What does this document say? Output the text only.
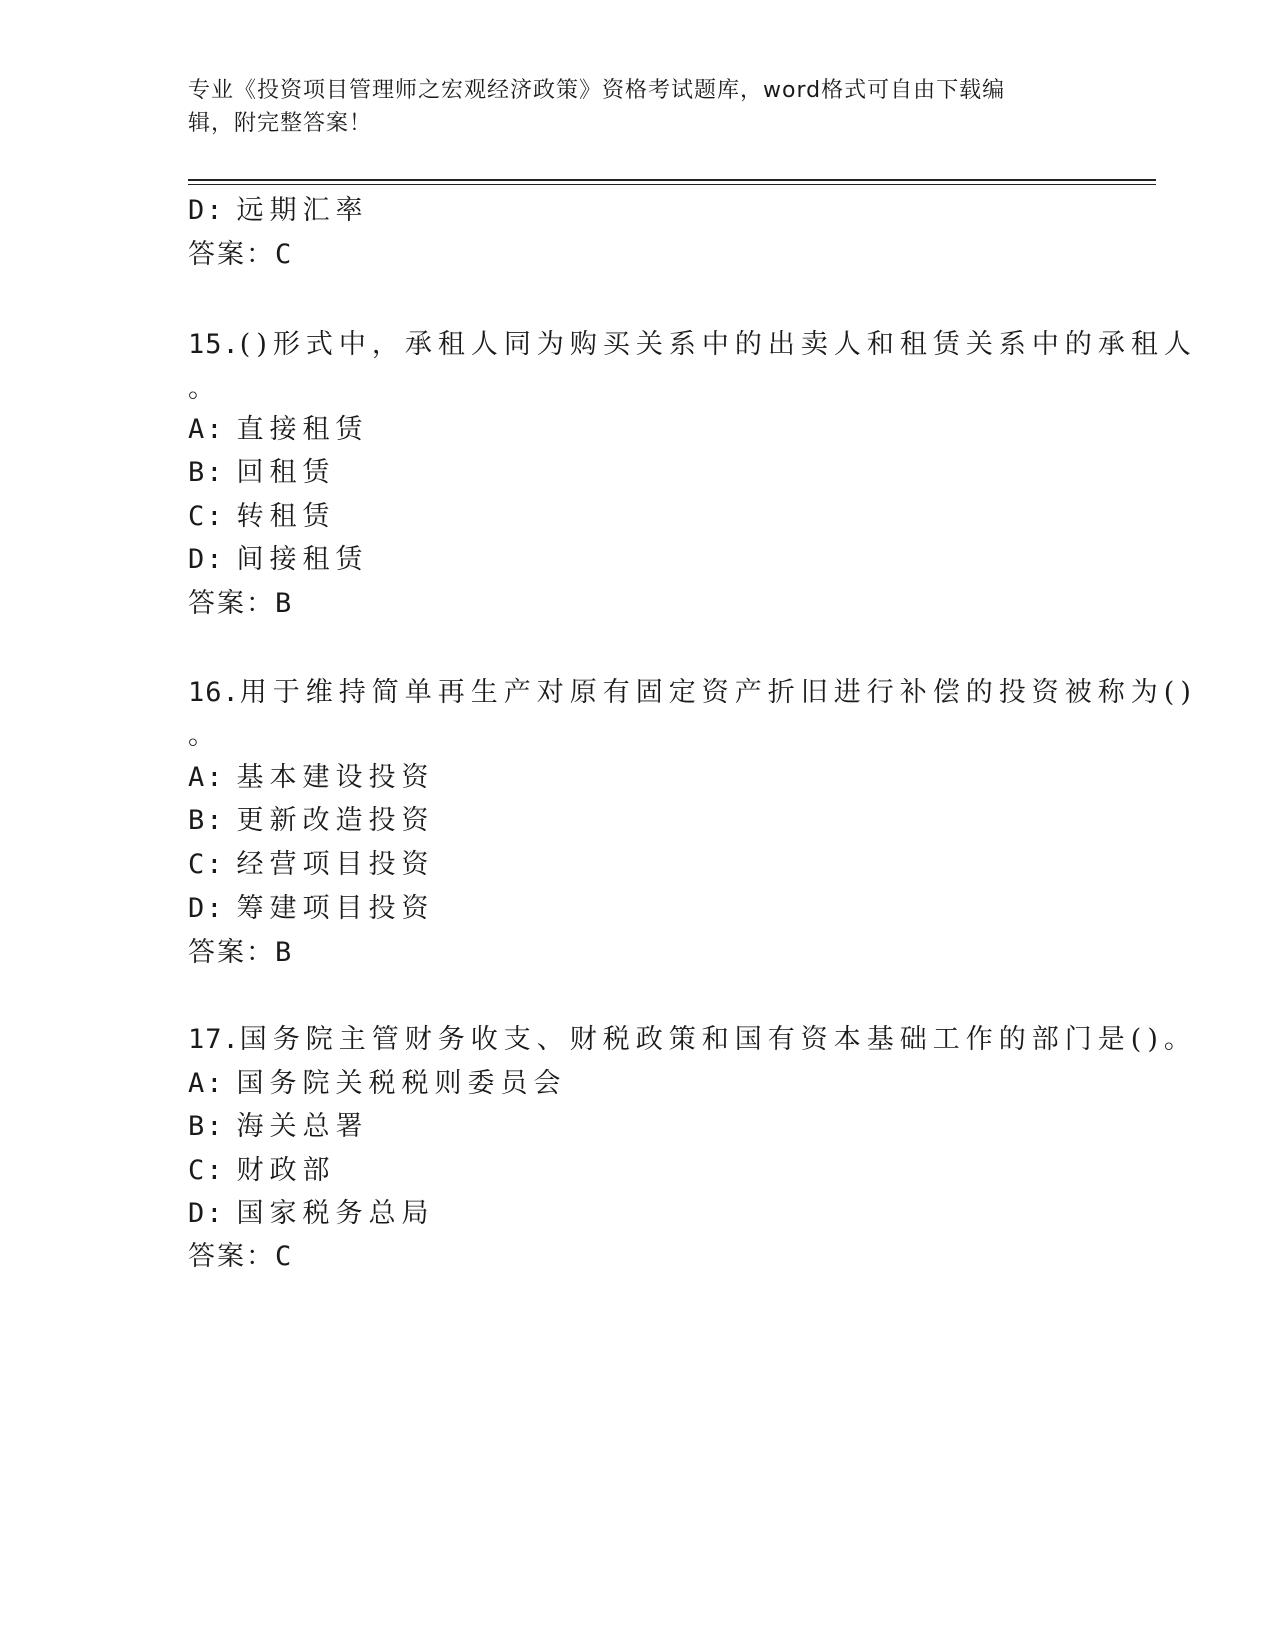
专业《投资项目管理师之宏观经济政策》资格考试题库，word格式可自由下载编
辑，附完整答案！
D: 远期汇率
答案：C
15.()形式中，承租人同为购买关系中的出卖人和租赁关系中的承租人
。
A: 直接租赁
B: 回租赁
C: 转租赁
D: 间接租赁
答案：B
16.用于维持简单再生产对原有固定资产折旧进行补偿的投资被称为()
。
A: 基本建设投资
B: 更新改造投资
C: 经营项目投资
D: 筹建项目投资
答案：B
17.国务院主管财务收支、财税政策和国有资本基础工作的部门是()。
A: 国务院关税税则委员会
B: 海关总署
C: 财政部
D: 国家税务总局
答案：C
